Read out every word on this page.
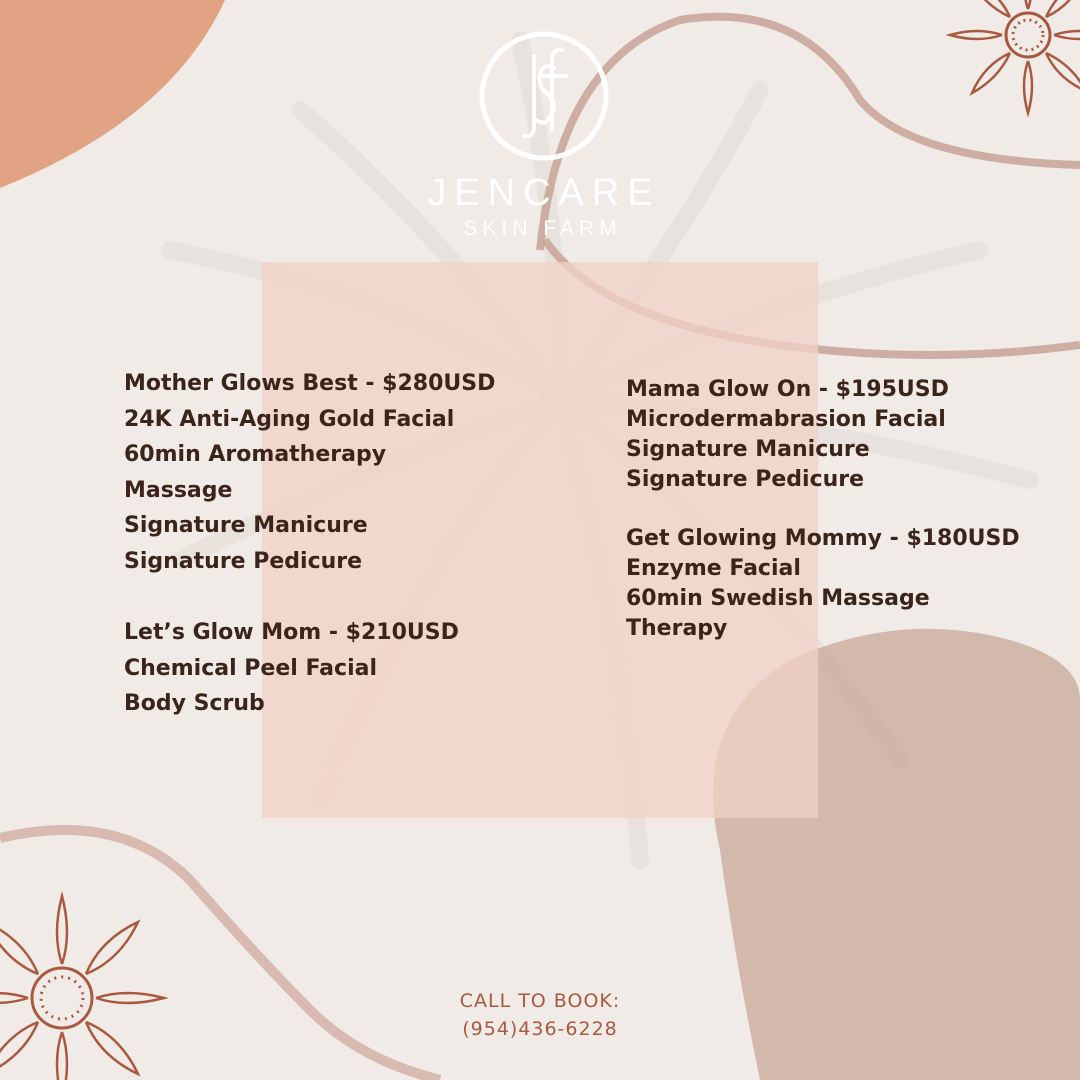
JENCARE
SKIN FARM
Mother Glows Best - $280USD
24K Anti-Aging Gold Facial
60min Aromatherapy
Massage
Signature Manicure
Signature Pedicure
Let’s Glow Mom - $210USD
Chemical Peel Facial
Body Scrub
Mama Glow On - $195USD
Microdermabrasion Facial
Signature Manicure
Signature Pedicure
Get Glowing Mommy - $180USD
Enzyme Facial
60min Swedish Massage
Therapy
CALL TO BOOK:
(954)436-6228
